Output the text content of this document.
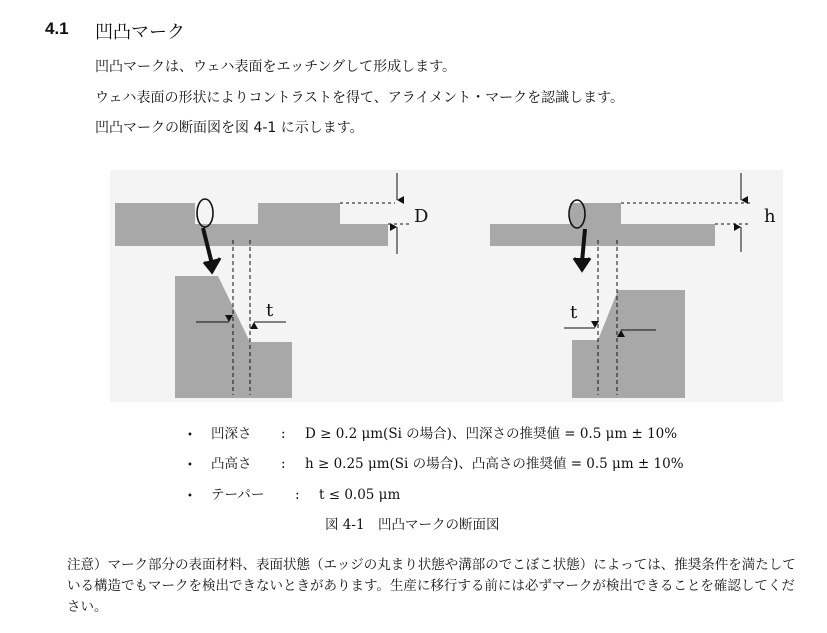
4.1 凹凸マーク
凹凸マークは、ウェハ表面をエッチングして形成します。
ウェハ表面の形状によりコントラストを得て、アライメント・マークを認識します。
凹凸マークの断面図を図 4-1 に示します。
D
t
h
t
•	凹深さ	:	D ≥ 0.2 μm(Si の場合)、凹深さの推奨値 = 0.5 μm ± 10%
•	凸高さ	:	h ≥ 0.25 μm(Si の場合)、凸高さの推奨値 = 0.5 μm ± 10%
•	テーパー	:	t ≤ 0.05 μm
図 4-1　凹凸マークの断面図
注意）マーク部分の表面材料、表面状態（エッジの丸まり状態や溝部のでこぼこ状態）によっては、推奨条件を満たしている構造でもマークを検出できないときがあります。生産に移行する前には必ずマークが検出できることを確認してください。
